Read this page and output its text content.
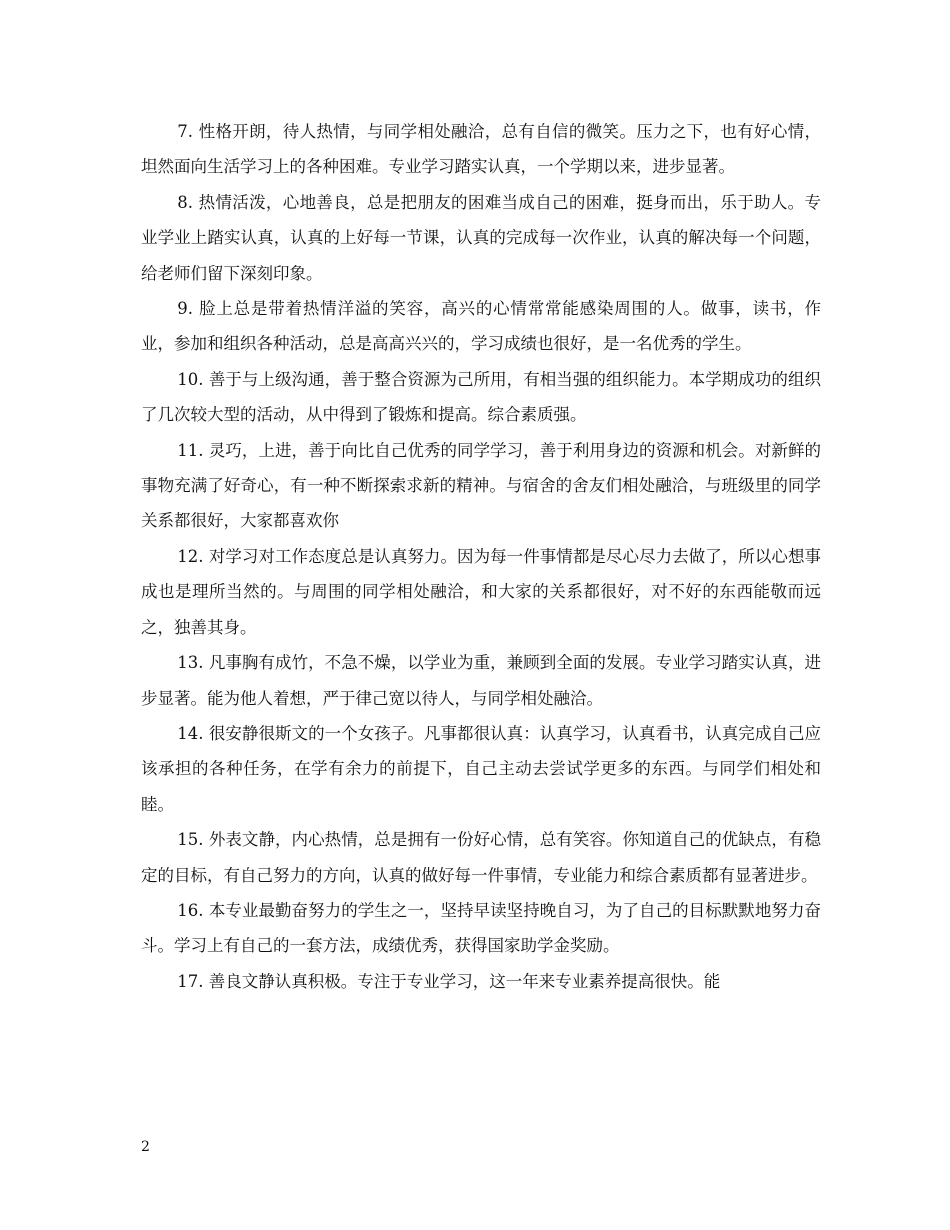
7. 性格开朗，待人热情，与同学相处融洽，总有自信的微笑。压力之下，也有好心情，坦然面向生活学习上的各种困难。专业学习踏实认真，一个学期以来，进步显著。

8. 热情活泼，心地善良，总是把朋友的困难当成自己的困难，挺身而出，乐于助人。专业学业上踏实认真，认真的上好每一节课，认真的完成每一次作业，认真的解决每一个问题，给老师们留下深刻印象。

9. 脸上总是带着热情洋溢的笑容，高兴的心情常常能感染周围的人。做事，读书，作业，参加和组织各种活动，总是高高兴兴的，学习成绩也很好，是一名优秀的学生。

10. 善于与上级沟通，善于整合资源为己所用，有相当强的组织能力。本学期成功的组织了几次较大型的活动，从中得到了锻炼和提高。综合素质强。

11. 灵巧，上进，善于向比自己优秀的同学学习，善于利用身边的资源和机会。对新鲜的事物充满了好奇心，有一种不断探索求新的精神。与宿舍的舍友们相处融洽，与班级里的同学关系都很好，大家都喜欢你

12. 对学习对工作态度总是认真努力。因为每一件事情都是尽心尽力去做了，所以心想事成也是理所当然的。与周围的同学相处融洽，和大家的关系都很好，对不好的东西能敬而远之，独善其身。

13. 凡事胸有成竹，不急不燥，以学业为重，兼顾到全面的发展。专业学习踏实认真，进步显著。能为他人着想，严于律己宽以待人，与同学相处融洽。

14. 很安静很斯文的一个女孩子。凡事都很认真：认真学习，认真看书，认真完成自己应该承担的各种任务，在学有余力的前提下，自己主动去尝试学更多的东西。与同学们相处和睦。

15. 外表文静，内心热情，总是拥有一份好心情，总有笑容。你知道自己的优缺点，有稳定的目标，有自己努力的方向，认真的做好每一件事情，专业能力和综合素质都有显著进步。

16. 本专业最勤奋努力的学生之一，坚持早读坚持晚自习，为了自己的目标默默地努力奋斗。学习上有自己的一套方法，成绩优秀，获得国家助学金奖励。

17. 善良文静认真积极。专注于专业学习，这一年来专业素养提高很快。能

2
